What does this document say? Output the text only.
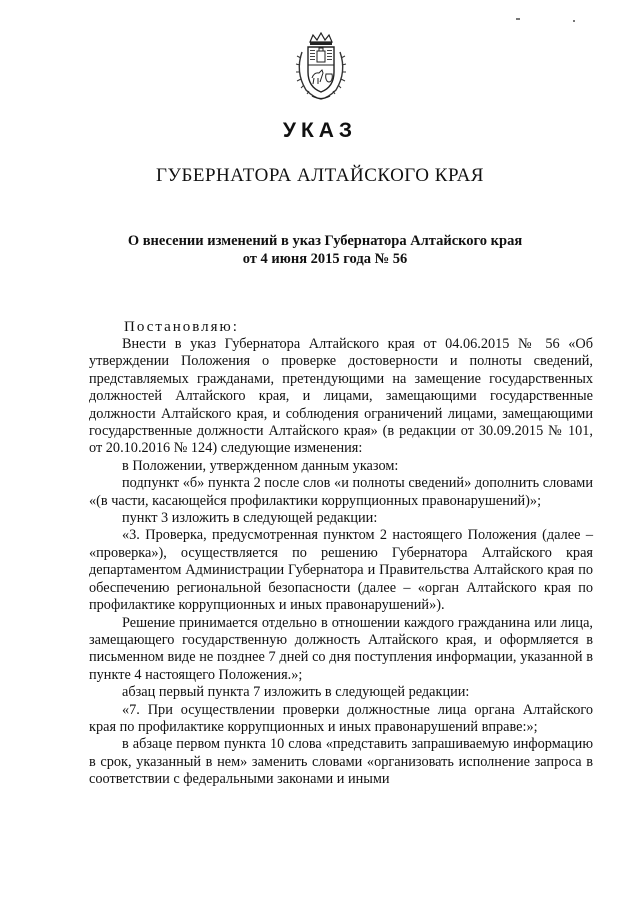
УКАЗ
ГУБЕРНАТОРА АЛТАЙСКОГО КРАЯ
О внесении изменений в указ Губернатора Алтайского края
от 4 июня 2015 года № 56
Постановляю:

Внести в указ Губернатора Алтайского края от 04.06.2015 № 56 «Об утверждении Положения о проверке достоверности и полноты сведений, представляемых гражданами, претендующими на замещение государственных должностей Алтайского края, и лицами, замещающими государственные должности Алтайского края, и соблюдения ограничений лицами, замещающими государственные должности Алтайского края» (в редакции от 30.09.2015 № 101, от 20.10.2016 № 124) следующие изменения:

в Положении, утвержденном данным указом:

подпункт «б» пункта 2 после слов «и полноты сведений» дополнить словами «(в части, касающейся профилактики коррупционных правонарушений)»;

пункт 3 изложить в следующей редакции:

«3. Проверка, предусмотренная пунктом 2 настоящего Положения (далее – «проверка»), осуществляется по решению Губернатора Алтайского края департаментом Администрации Губернатора и Правительства Алтайского края по обеспечению региональной безопасности (далее – «орган Алтайского края по профилактике коррупционных и иных правонарушений»).

Решение принимается отдельно в отношении каждого гражданина или лица, замещающего государственную должность Алтайского края, и оформляется в письменном виде не позднее 7 дней со дня поступления информации, указанной в пункте 4 настоящего Положения.»;

абзац первый пункта 7 изложить в следующей редакции:

«7. При осуществлении проверки должностные лица органа Алтайского края по профилактике коррупционных и иных правонарушений вправе:»;

в абзаце первом пункта 10 слова «представить запрашиваемую информацию в срок, указанный в нем» заменить словами «организовать исполнение запроса в соответствии с федеральными законами и иными
